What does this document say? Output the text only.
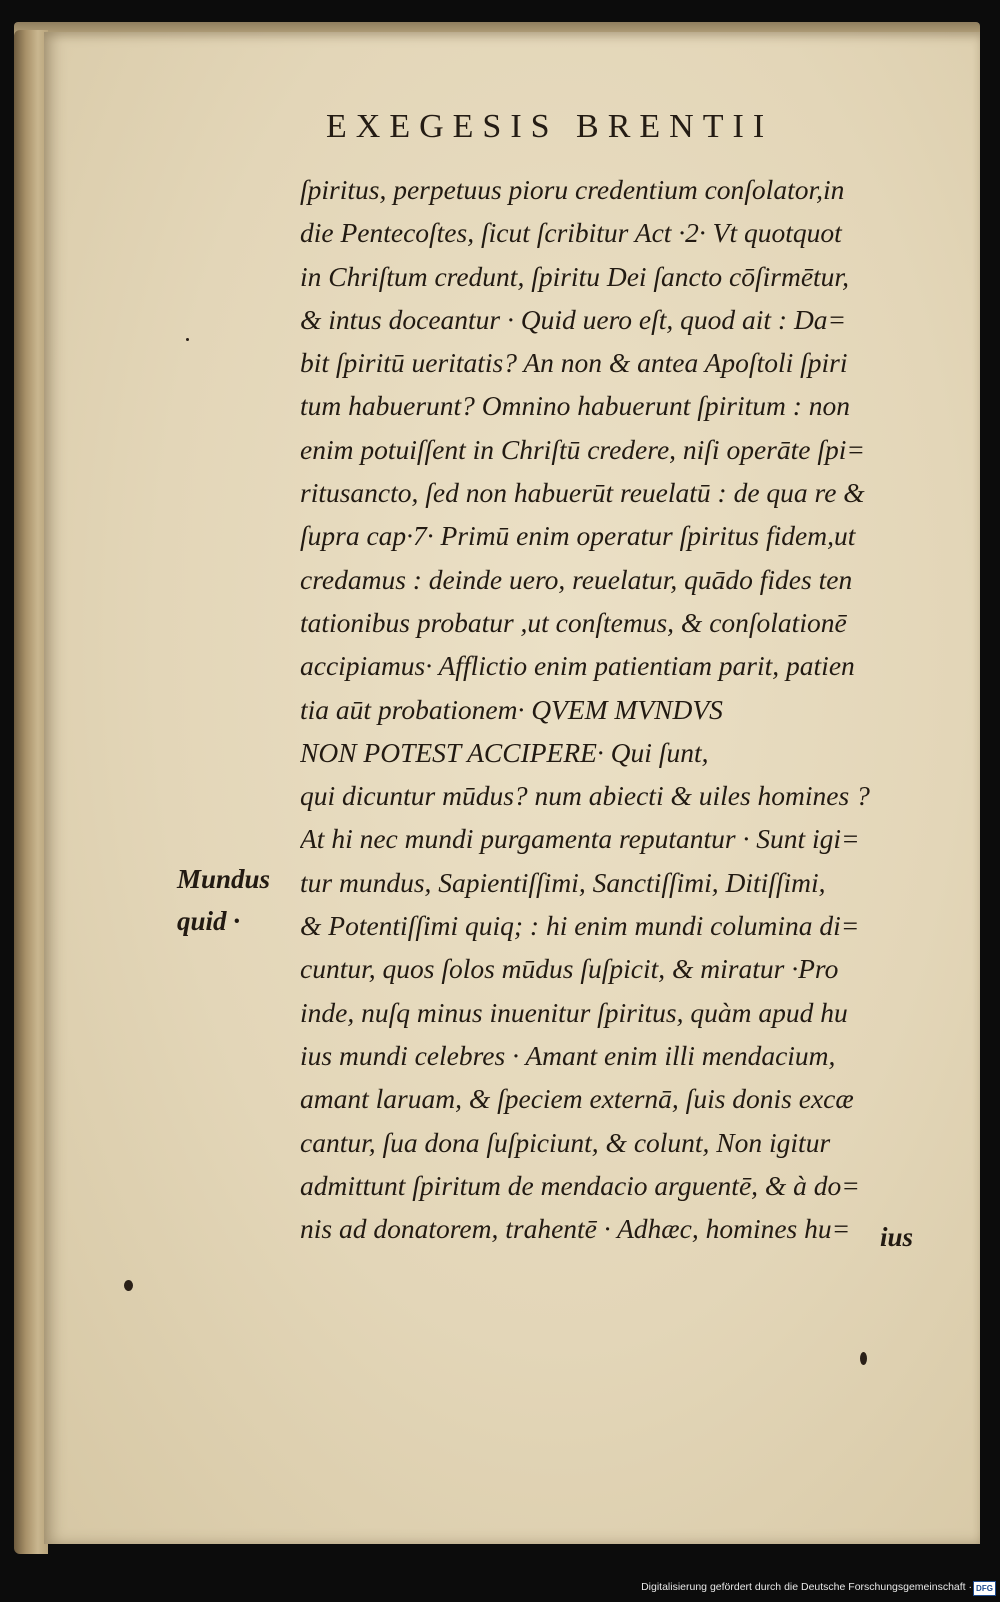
EXEGESIS BRENTII
ſpiritus, perpetuus pioru credentium conſolator,in
die Pentecoſtes, ſicut ſcribitur Act ·2· Vt quotquot
in Chriſtum credunt, ſpiritu Dei ſancto cōſirmētur,
& intus doceantur · Quid uero eſt, quod ait : Da=
bit ſpiritū ueritatis? An non & antea Apoſtoli ſpiri
tum habuerunt? Omnino habuerunt ſpiritum : non
enim potuiſſent in Chriſtū credere, niſi operāte ſpi=
ritusancto, ſed non habuerūt reuelatū : de qua re &
ſupra cap·7· Primū enim operatur ſpiritus fidem,ut
credamus : deinde uero, reuelatur, quādo fides ten
tationibus probatur ,ut conſtemus, & conſolationē
accipiamus· Afflictio enim patientiam parit, patien
tia aūt probationem· QVEM MVNDVS
NON POTEST ACCIPERE· Qui ſunt,
qui dicuntur mūdus? num abiecti & uiles homines ?
At hi nec mundi purgamenta reputantur · Sunt igi=
tur mundus, Sapientiſſimi, Sanctiſſimi, Ditiſſimi,
& Potentiſſimi quiq; : hi enim mundi columina di=
cuntur, quos ſolos mūdus ſuſpicit, & miratur ·Pro
inde, nuſq minus inuenitur ſpiritus, quàm apud hu
ius mundi celebres · Amant enim illi mendacium,
amant laruam, & ſpeciem externā, ſuis donis excæ
cantur, ſua dona ſuſpiciunt, & colunt, Non igitur
admittunt ſpiritum de mendacio arguentē, & à do=
nis ad donatorem, trahentē · Adhæc, homines hu=	ius
Mundus
quid ·
Digitalisierung gefördert durch die Deutsche Forschungsgemeinschaft · DFG
